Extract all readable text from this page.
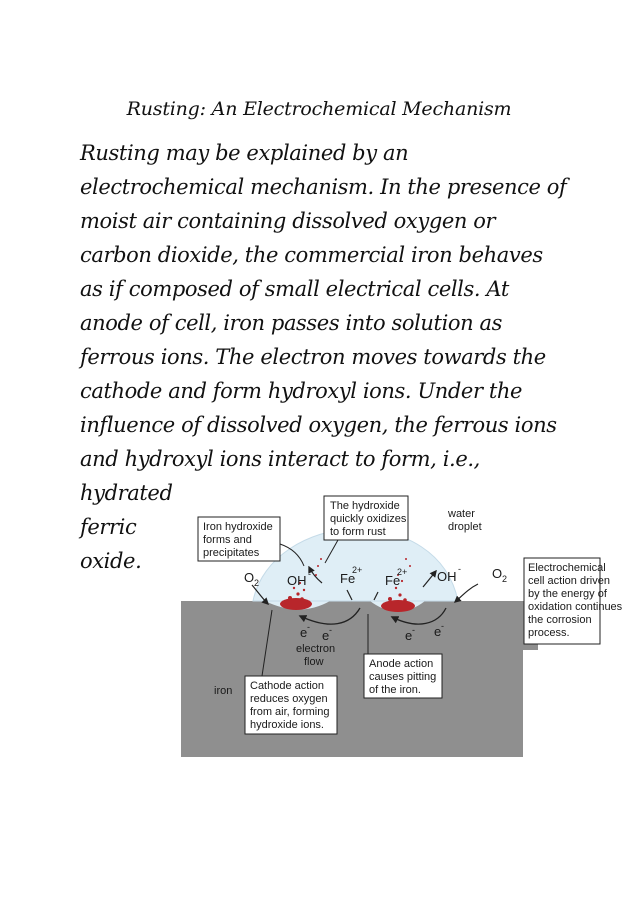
Rusting: An Electrochemical Mechanism
Rusting may be explained by an
electrochemical mechanism. In the presence of
moist air containing dissolved oxygen or
carbon dioxide, the commercial iron behaves
as if composed of small electrical cells. At
anode of cell, iron passes into solution as
ferrous ions. The electron moves towards the
cathode and form hydroxyl ions. Under the
influence of dissolved oxygen, the ferrous ions
and hydroxyl ions interact to form, i.e.,
hydrated
ferric
oxide.
The hydroxide
quickly oxidizes
to form rust
Iron hydroxide
forms and
precipitates
water
droplet
Electrochemical
cell action driven
by the energy of
oxidation continues
the corrosion
process.
Anode action
causes pitting
of the iron.
Cathode action
reduces oxygen
from air, forming
hydroxide ions.
electron
flow
iron
O 2 OH - Fe
2+
Fe
2+ OH - O 2
e -
e -	e - e -
